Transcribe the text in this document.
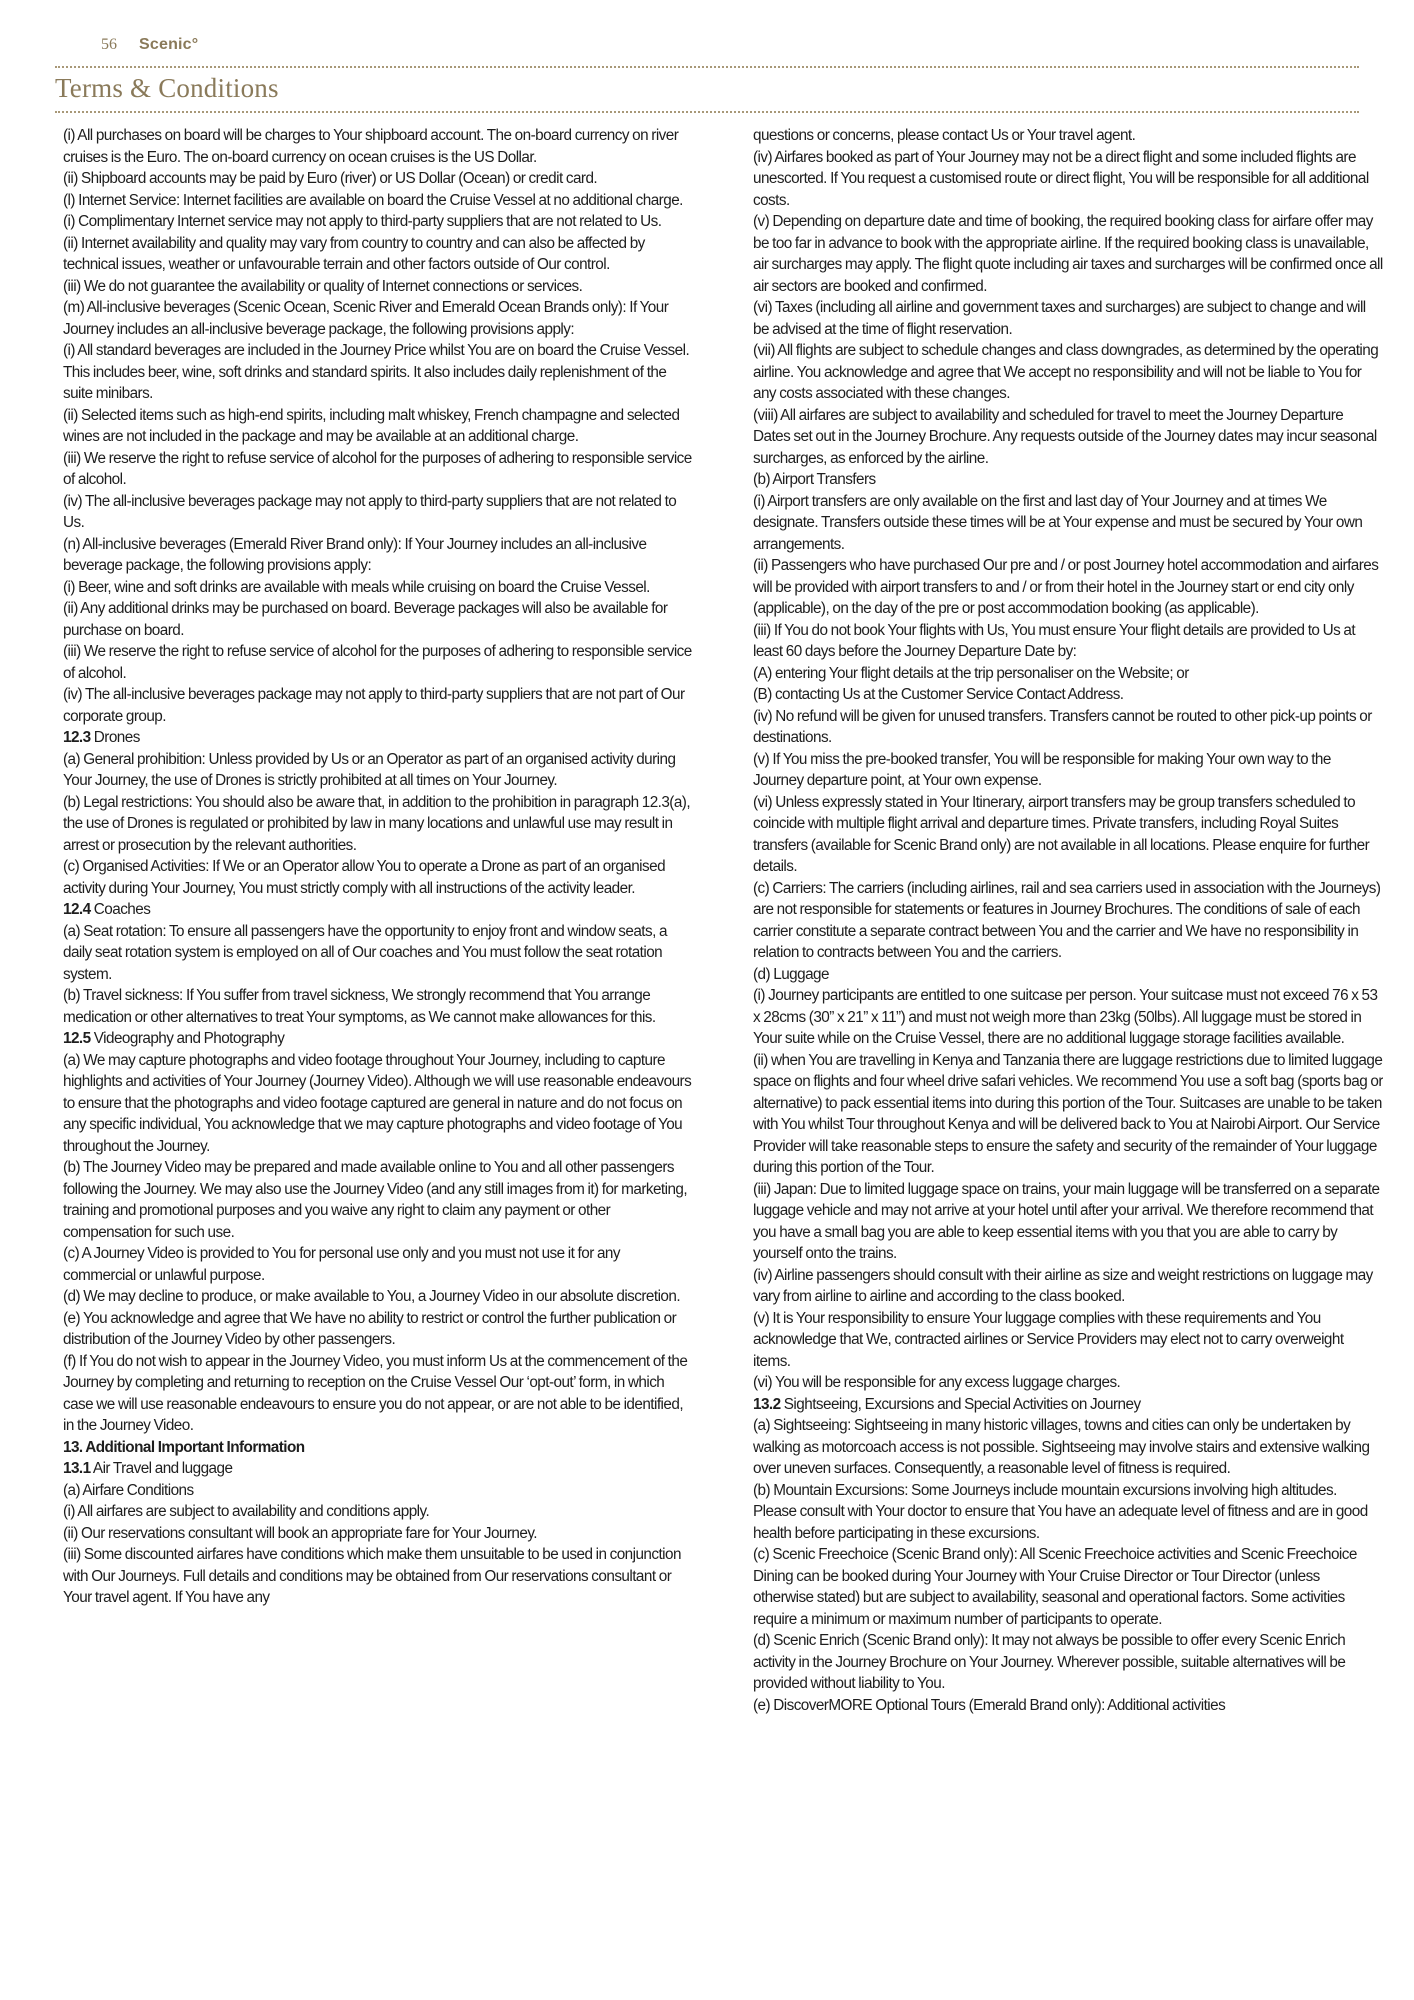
56 Scenic°
Terms & Conditions

(i) All purchases on board will be charges to Your shipboard account. The on-board currency on river cruises is the Euro. The on-board currency on ocean cruises is the US Dollar.

(ii) Shipboard accounts may be paid by Euro (river) or US Dollar (Ocean) or credit card.

(l) Internet Service: Internet facilities are available on board the Cruise Vessel at no additional charge.

(i) Complimentary Internet service may not apply to third-party suppliers that are not related to Us.

(ii) Internet availability and quality may vary from country to country and can also be affected by technical issues, weather or unfavourable terrain and other factors outside of Our control.

(iii) We do not guarantee the availability or quality of Internet connections or services.

(m) All-inclusive beverages (Scenic Ocean, Scenic River and Emerald Ocean Brands only): If Your Journey includes an all-inclusive beverage package, the following provisions apply:

(i) All standard beverages are included in the Journey Price whilst You are on board the Cruise Vessel. This includes beer, wine, soft drinks and standard spirits. It also includes daily replenishment of the suite minibars.

(ii) Selected items such as high-end spirits, including malt whiskey, French champagne and selected wines are not included in the package and may be available at an additional charge.

(iii) We reserve the right to refuse service of alcohol for the purposes of adhering to responsible service of alcohol.

(iv) The all-inclusive beverages package may not apply to third-party suppliers that are not related to Us.

(n) All-inclusive beverages (Emerald River Brand only): If Your Journey includes an all-inclusive beverage package, the following provisions apply:

(i) Beer, wine and soft drinks are available with meals while cruising on board the Cruise Vessel.

(ii) Any additional drinks may be purchased on board. Beverage packages will also be available for purchase on board.

(iii) We reserve the right to refuse service of alcohol for the purposes of adhering to responsible service of alcohol.

(iv) The all-inclusive beverages package may not apply to third-party suppliers that are not part of Our corporate group.

12.3 Drones

(a) General prohibition: Unless provided by Us or an Operator as part of an organised activity during Your Journey, the use of Drones is strictly prohibited at all times on Your Journey.

(b) Legal restrictions: You should also be aware that, in addition to the prohibition in paragraph 12.3(a), the use of Drones is regulated or prohibited by law in many locations and unlawful use may result in arrest or prosecution by the relevant authorities.

(c) Organised Activities: If We or an Operator allow You to operate a Drone as part of an organised activity during Your Journey, You must strictly comply with all instructions of the activity leader.

12.4 Coaches

(a) Seat rotation: To ensure all passengers have the opportunity to enjoy front and window seats, a daily seat rotation system is employed on all of Our coaches and You must follow the seat rotation system.

(b) Travel sickness: If You suffer from travel sickness, We strongly recommend that You arrange medication or other alternatives to treat Your symptoms, as We cannot make allowances for this.

12.5 Videography and Photography

(a) We may capture photographs and video footage throughout Your Journey, including to capture highlights and activities of Your Journey (Journey Video). Although we will use reasonable endeavours to ensure that the photographs and video footage captured are general in nature and do not focus on any specific individual, You acknowledge that we may capture photographs and video footage of You throughout the Journey.

(b) The Journey Video may be prepared and made available online to You and all other passengers following the Journey. We may also use the Journey Video (and any still images from it) for marketing, training and promotional purposes and you waive any right to claim any payment or other compensation for such use.

(c) A Journey Video is provided to You for personal use only and you must not use it for any commercial or unlawful purpose.

(d) We may decline to produce, or make available to You, a Journey Video in our absolute discretion.

(e) You acknowledge and agree that We have no ability to restrict or control the further publication or distribution of the Journey Video by other passengers.

(f) If You do not wish to appear in the Journey Video, you must inform Us at the commencement of the Journey by completing and returning to reception on the Cruise Vessel Our ‘opt-out’ form, in which case we will use reasonable endeavours to ensure you do not appear, or are not able to be identified, in the Journey Video.

13. Additional Important Information

13.1 Air Travel and luggage

(a) Airfare Conditions

(i) All airfares are subject to availability and conditions apply.

(ii) Our reservations consultant will book an appropriate fare for Your Journey.

(iii) Some discounted airfares have conditions which make them unsuitable to be used in conjunction with Our Journeys. Full details and conditions may be obtained from Our reservations consultant or Your travel agent. If You have any

questions or concerns, please contact Us or Your travel agent.

(iv) Airfares booked as part of Your Journey may not be a direct flight and some included flights are unescorted. If You request a customised route or direct flight, You will be responsible for all additional costs.

(v) Depending on departure date and time of booking, the required booking class for airfare offer may be too far in advance to book with the appropriate airline. If the required booking class is unavailable, air surcharges may apply. The flight quote including air taxes and surcharges will be confirmed once all air sectors are booked and confirmed.

(vi) Taxes (including all airline and government taxes and surcharges) are subject to change and will be advised at the time of flight reservation.

(vii) All flights are subject to schedule changes and class downgrades, as determined by the operating airline. You acknowledge and agree that We accept no responsibility and will not be liable to You for any costs associated with these changes.

(viii) All airfares are subject to availability and scheduled for travel to meet the Journey Departure Dates set out in the Journey Brochure. Any requests outside of the Journey dates may incur seasonal surcharges, as enforced by the airline.

(b) Airport Transfers

(i) Airport transfers are only available on the first and last day of Your Journey and at times We designate. Transfers outside these times will be at Your expense and must be secured by Your own arrangements.

(ii) Passengers who have purchased Our pre and / or post Journey hotel accommodation and airfares will be provided with airport transfers to and / or from their hotel in the Journey start or end city only (applicable), on the day of the pre or post accommodation booking (as applicable).

(iii) If You do not book Your flights with Us, You must ensure Your flight details are provided to Us at least 60 days before the Journey Departure Date by:

(A) entering Your flight details at the trip personaliser on the Website; or

(B) contacting Us at the Customer Service Contact Address.

(iv) No refund will be given for unused transfers. Transfers cannot be routed to other pick-up points or destinations.

(v) If You miss the pre-booked transfer, You will be responsible for making Your own way to the Journey departure point, at Your own expense.

(vi) Unless expressly stated in Your Itinerary, airport transfers may be group transfers scheduled to coincide with multiple flight arrival and departure times. Private transfers, including Royal Suites transfers (available for Scenic Brand only) are not available in all locations. Please enquire for further details.

(c) Carriers: The carriers (including airlines, rail and sea carriers used in association with the Journeys) are not responsible for statements or features in Journey Brochures. The conditions of sale of each carrier constitute a separate contract between You and the carrier and We have no responsibility in relation to contracts between You and the carriers.

(d) Luggage

(i) Journey participants are entitled to one suitcase per person. Your suitcase must not exceed 76 x 53 x 28cms (30” x 21” x 11”) and must not weigh more than 23kg (50lbs). All luggage must be stored in Your suite while on the Cruise Vessel, there are no additional luggage storage facilities available.

(ii) when You are travelling in Kenya and Tanzania there are luggage restrictions due to limited luggage space on flights and four wheel drive safari vehicles. We recommend You use a soft bag (sports bag or alternative) to pack essential items into during this portion of the Tour. Suitcases are unable to be taken with You whilst Tour throughout Kenya and will be delivered back to You at Nairobi Airport. Our Service Provider will take reasonable steps to ensure the safety and security of the remainder of Your luggage during this portion of the Tour.

(iii) Japan: Due to limited luggage space on trains, your main luggage will be transferred on a separate luggage vehicle and may not arrive at your hotel until after your arrival. We therefore recommend that you have a small bag you are able to keep essential items with you that you are able to carry by yourself onto the trains.

(iv) Airline passengers should consult with their airline as size and weight restrictions on luggage may vary from airline to airline and according to the class booked.

(v) It is Your responsibility to ensure Your luggage complies with these requirements and You acknowledge that We, contracted airlines or Service Providers may elect not to carry overweight items.

(vi) You will be responsible for any excess luggage charges.

13.2 Sightseeing, Excursions and Special Activities on Journey

(a) Sightseeing: Sightseeing in many historic villages, towns and cities can only be undertaken by walking as motorcoach access is not possible. Sightseeing may involve stairs and extensive walking over uneven surfaces. Consequently, a reasonable level of fitness is required.

(b) Mountain Excursions: Some Journeys include mountain excursions involving high altitudes. Please consult with Your doctor to ensure that You have an adequate level of fitness and are in good health before participating in these excursions.

(c) Scenic Freechoice (Scenic Brand only): All Scenic Freechoice activities and Scenic Freechoice Dining can be booked during Your Journey with Your Cruise Director or Tour Director (unless otherwise stated) but are subject to availability, seasonal and operational factors. Some activities require a minimum or maximum number of participants to operate.

(d) Scenic Enrich (Scenic Brand only): It may not always be possible to offer every Scenic Enrich activity in the Journey Brochure on Your Journey. Wherever possible, suitable alternatives will be provided without liability to You.

(e) DiscoverMORE Optional Tours (Emerald Brand only): Additional activities
